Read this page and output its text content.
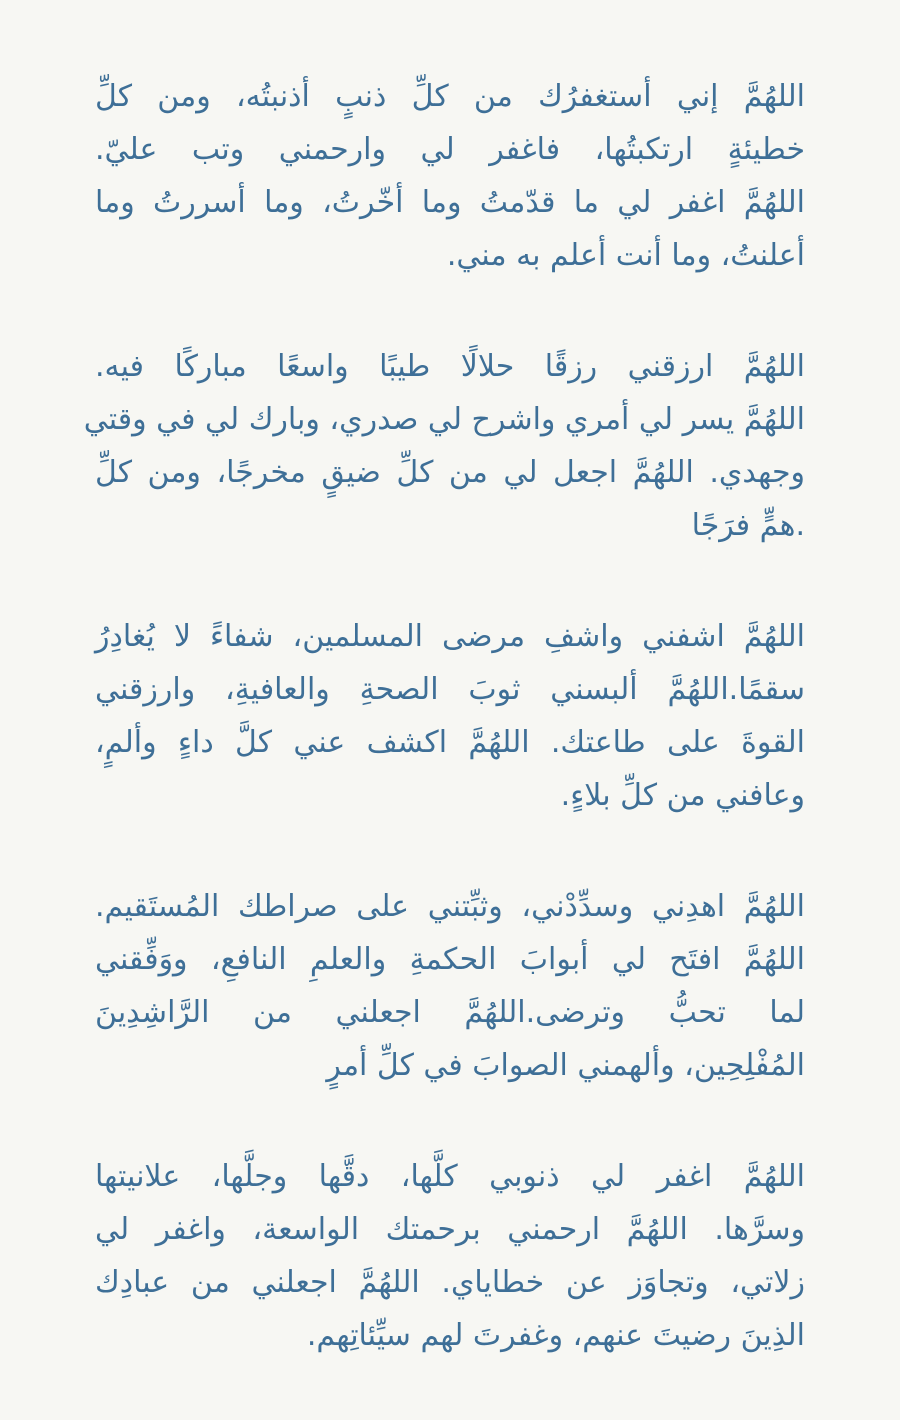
اللهُمَّ إني أستغفرُك من كلِّ ذنبٍ أذنبتُه، ومن كلِّ
خطيئةٍ ارتكبتُها، فاغفر لي وارحمني وتب عليّ.
اللهُمَّ اغفر لي ما قدّمتُ وما أخّرتُ، وما أسررتُ وما
أعلنتُ، وما أنت أعلم به مني.
اللهُمَّ ارزقني رزقًا حلالًا طيبًا واسعًا مباركًا فيه.
اللهُمَّ يسر لي أمري واشرح لي صدري، وبارك لي في وقتي
وجهدي. اللهُمَّ اجعل لي من كلِّ ضيقٍ مخرجًا، ومن كلِّ
.همٍّ فرَجًا
اللهُمَّ اشفني واشفِ مرضى المسلمين، شفاءً لا يُغادِرُ
سقمًا.اللهُمَّ ألبسني ثوبَ الصحةِ والعافيةِ، وارزقني
القوةَ على طاعتك. اللهُمَّ اكشف عني كلَّ داءٍ وألمٍ،
وعافني من كلِّ بلاءٍ.
اللهُمَّ اهدِني وسدِّدْني، وثبِّتني على صراطك المُستَقيم.
اللهُمَّ افتَح لي أبوابَ الحكمةِ والعلمِ النافعِ، ووَفِّقني
لما تحبُّ وترضى.اللهُمَّ اجعلني من الرَّاشِدِينَ
المُفْلِحِين، وألهمني الصوابَ في كلِّ أمرٍ
اللهُمَّ اغفر لي ذنوبي كلَّها، دقَّها وجلَّها، علانيتها
وسرَّها. اللهُمَّ ارحمني برحمتك الواسعة، واغفر لي
زلاتي، وتجاوَز عن خطاياي. اللهُمَّ اجعلني من عبادِك
الذِينَ رضيتَ عنهم، وغفرتَ لهم سيِّئاتِهم.
